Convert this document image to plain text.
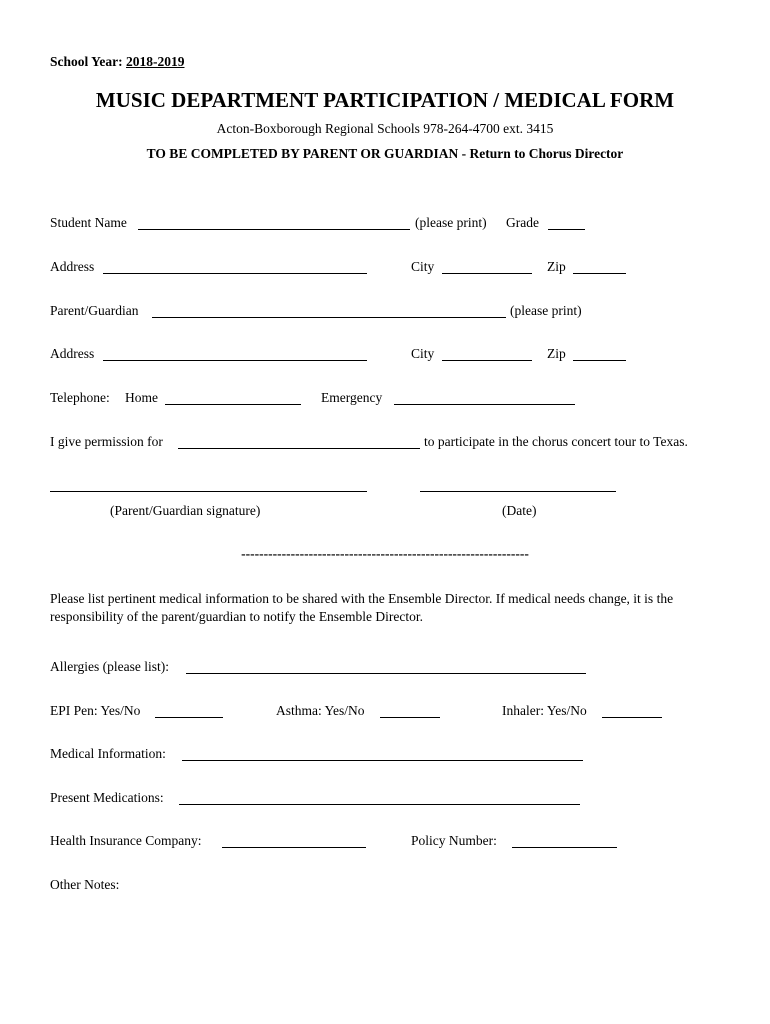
School Year: 2018-2019
MUSIC DEPARTMENT PARTICIPATION / MEDICAL FORM
Acton-Boxborough Regional Schools 978-264-4700 ext. 3415
TO BE COMPLETED BY PARENT OR GUARDIAN - Return to Chorus Director
Student Name	(please print) Grade
Address	City	Zip
Parent/Guardian	(please print)
Address	City	Zip
Telephone: Home	Emergency
I give permission for	to participate in the chorus concert tour to Texas.
(Parent/Guardian signature)	(Date)
----------------------------------------------------------------
Please list pertinent medical information to be shared with the Ensemble Director. If medical needs change, it is the responsibility of the parent/guardian to notify the Ensemble Director.
Allergies (please list):
EPI Pen: Yes/No	Asthma: Yes/No	Inhaler: Yes/No
Medical Information:
Present Medications:
Health Insurance Company:	Policy Number:
Other Notes:
